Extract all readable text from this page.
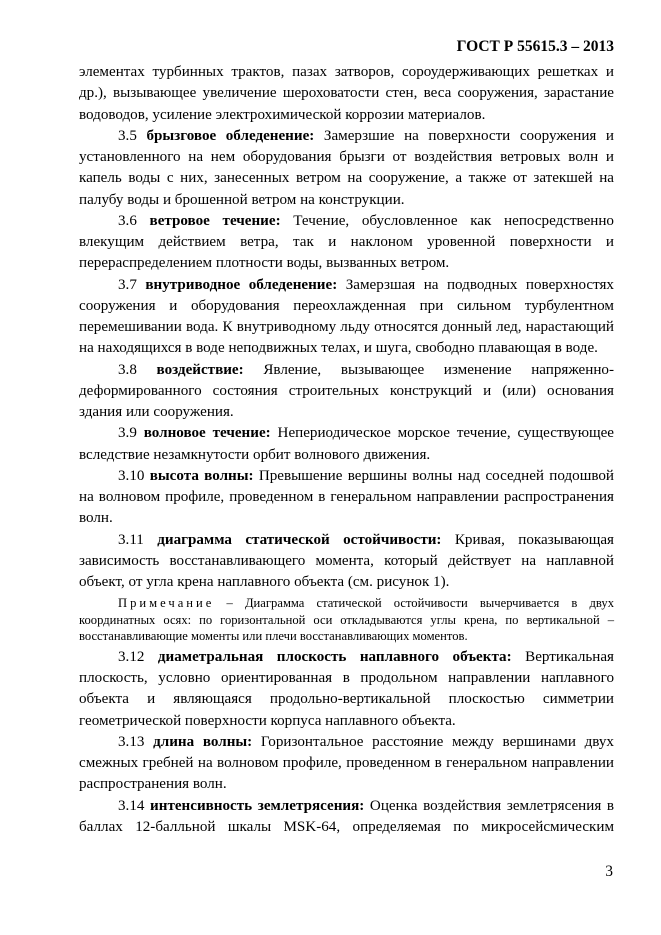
ГОСТ Р 55615.3 – 2013

элементах турбинных трактов, пазах затворов, сороудерживающих решетках и др.), вызывающее увеличение шероховатости стен, веса сооружения, зарастание водоводов, усиление электрохимической коррозии материалов.

3.5 брызговое обледенение: Замерзшие на поверхности сооружения и установленного на нем оборудования брызги от воздействия ветровых волн и капель воды с них, занесенных ветром на сооружение, а также от затекшей на палубу воды и брошенной ветром на конструкции.

3.6 ветровое течение: Течение, обусловленное как непосредственно влекущим действием ветра, так и наклоном уровенной поверхности и перераспределением плотности воды, вызванных ветром.

3.7 внутриводное обледенение: Замерзшая на подводных поверхностях сооружения и оборудования переохлажденная при сильном турбулентном перемешивании вода. К внутриводному льду относятся донный лед, нарастающий на находящихся в воде неподвижных телах, и шуга, свободно плавающая в воде.

3.8 воздействие: Явление, вызывающее изменение напряженно-деформированного состояния строительных конструкций и (или) основания здания или сооружения.

3.9 волновое течение: Непериодическое морское течение, существующее вследствие незамкнутости орбит волнового движения.

3.10 высота волны: Превышение вершины волны над соседней подошвой на волновом профиле, проведенном в генеральном направлении распространения волн.

3.11 диаграмма статической остойчивости: Кривая, показывающая зависимость восстанавливающего момента, который действует на наплавной объект, от угла крена наплавного объекта (см. рисунок 1).

Примечание – Диаграмма статической остойчивости вычерчивается в двух координатных осях: по горизонтальной оси откладываются углы крена, по вертикальной – восстанавливающие моменты или плечи восстанавливающих моментов.

3.12 диаметральная плоскость наплавного объекта: Вертикальная плоскость, условно ориентированная в продольном направлении наплавного объекта и являющаяся продольно-вертикальной плоскостью симметрии геометрической поверхности корпуса наплавного объекта.

3.13 длина волны: Горизонтальное расстояние между вершинами двух смежных гребней на волновом профиле, проведенном в генеральном направлении распространения волн.

3.14 интенсивность землетрясения: Оценка воздействия землетрясения в баллах 12-балльной шкалы MSK-64, определяемая по микросейсмическим

3
